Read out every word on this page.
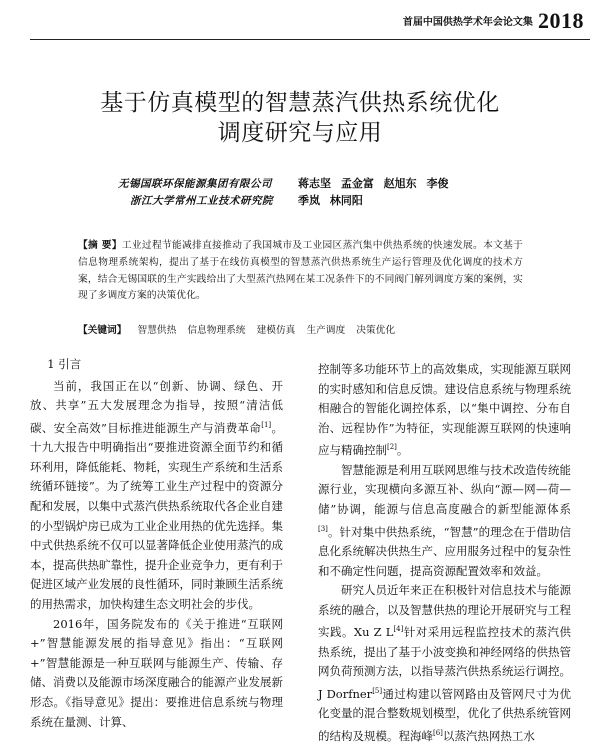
首届中国供热学术年会论文集 2018
基于仿真模型的智慧蒸汽供热系统优化
调度研究与应用
无锡国联环保能源集团有限公司 蒋志坚 孟金富 赵旭东 李俊
浙江大学常州工业技术研究院 季岚 林同阳
【摘 要】工业过程节能减排直接推动了我国城市及工业园区蒸汽集中供热系统的快速发展。本文基于信息物理系统架构，提出了基于在线仿真模型的智慧蒸汽供热系统生产运行管理及优化调度的技术方案，结合无锡国联的生产实践给出了大型蒸汽热网在某工况条件下的不同阀门解列调度方案的案例，实现了多调度方案的决策优化。
【关键词】 智慧供热 信息物理系统 建模仿真 生产调度 决策优化

1 引言

当前，我国正在以“创新、协调、绿色、开放、共享”五大发展理念为指导，按照“清洁低碳、安全高效”目标推进能源生产与消费革命[1]。十九大报告中明确指出“要推进资源全面节约和循环利用，降低能耗、物耗，实现生产系统和生活系统循环链接”。为了统筹工业生产过程中的资源分配和发展，以集中式蒸汽供热系统取代各企业自建的小型锅炉房已成为工业企业用热的优先选择。集中式供热系统不仅可以显著降低企业使用蒸汽的成本，提高供热旷靠性，提升企业竞争力，更有利于促进区域产业发展的良性循环，同时兼顾生活系统的用热需求，加快构建生态文明社会的步伐。

2016年，国务院发布的《关于推进“互联网+”智慧能源发展的指导意见》指出：“互联网+”智慧能源是一种互联网与能源生产、传输、存储、消费以及能源市场深度融合的能源产业发展新形态。《指导意见》提出：要推进信息系统与物理系统在量测、计算、

控制等多功能环节上的高效集成，实现能源互联网的实时感知和信息反馈。建设信息系统与物理系统相融合的智能化调控体系，以“集中调控、分布自治、远程协作”为特征，实现能源互联网的快速响应与精确控制[2]。

智慧能源是利用互联网思维与技术改造传统能源行业，实现横向多源互补、纵向“源—网—荷—储”协调，能源与信息高度融合的新型能源体系[3]。针对集中供热系统，“智慧”的理念在于借助信息化系统解决供热生产、应用服务过程中的复杂性和不确定性问题，提高资源配置效率和效益。

研究人员近年来正在积极针对信息技术与能源系统的融合，以及智慧供热的理论开展研究与工程实践。Xu Z L[4]针对采用远程监控技术的蒸汽供热系统，提出了基于小波变换和神经网络的供热管网负荷预测方法，以指导蒸汽供热系统运行调控。J Dorfner[5]通过构建以管网路由及管网尺寸为优化变量的混合整数规划模型，优化了供热系统管网的结构及规模。程海峰[6]以蒸汽热网热工水
